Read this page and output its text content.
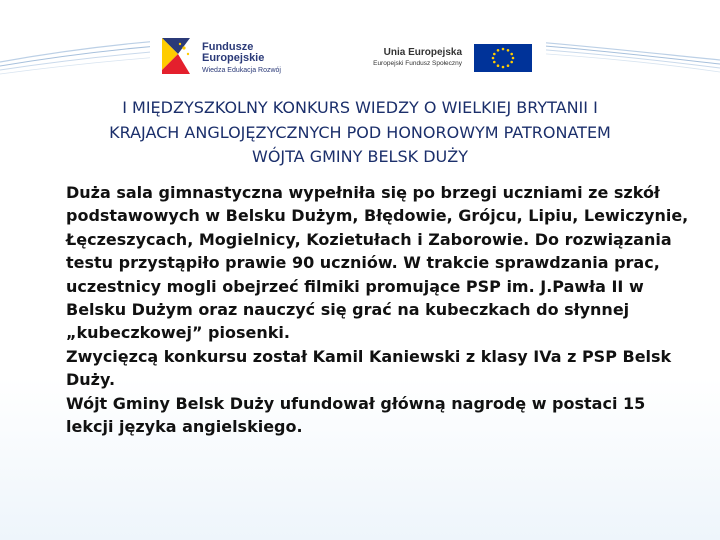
Fundusze
Europejskie
Wiedza Edukacja Rozwój
Unia Europejska
Europejski Fundusz Społeczny
I MIĘDZYSZKOLNY KONKURS WIEDZY O WIELKIEJ BRYTANII I
KRAJACH ANGLOJĘZYCZNYCH POD HONOROWYM PATRONATEM
WÓJTA GMINY BELSK DUŻY

Duża sala gimnastyczna wypełniła się po brzegi uczniami ze szkół podstawowych w Belsku Dużym, Błędowie, Grójcu, Lipiu, Lewiczynie, Łęczeszycach, Mogielnicy, Kozietułach i Zaborowie. Do rozwiązania testu przystąpiło prawie 90 uczniów. W trakcie sprawdzania prac, uczestnicy mogli obejrzeć filmiki promujące PSP im. J.Pawła II w Belsku Dużym oraz nauczyć się grać na kubeczkach do słynnej „kubeczkowej” piosenki.

Zwycięzcą konkursu został Kamil Kaniewski z klasy IVa z PSP Belsk Duży.

Wójt Gminy Belsk Duży ufundował główną nagrodę w postaci 15 lekcji języka angielskiego.
